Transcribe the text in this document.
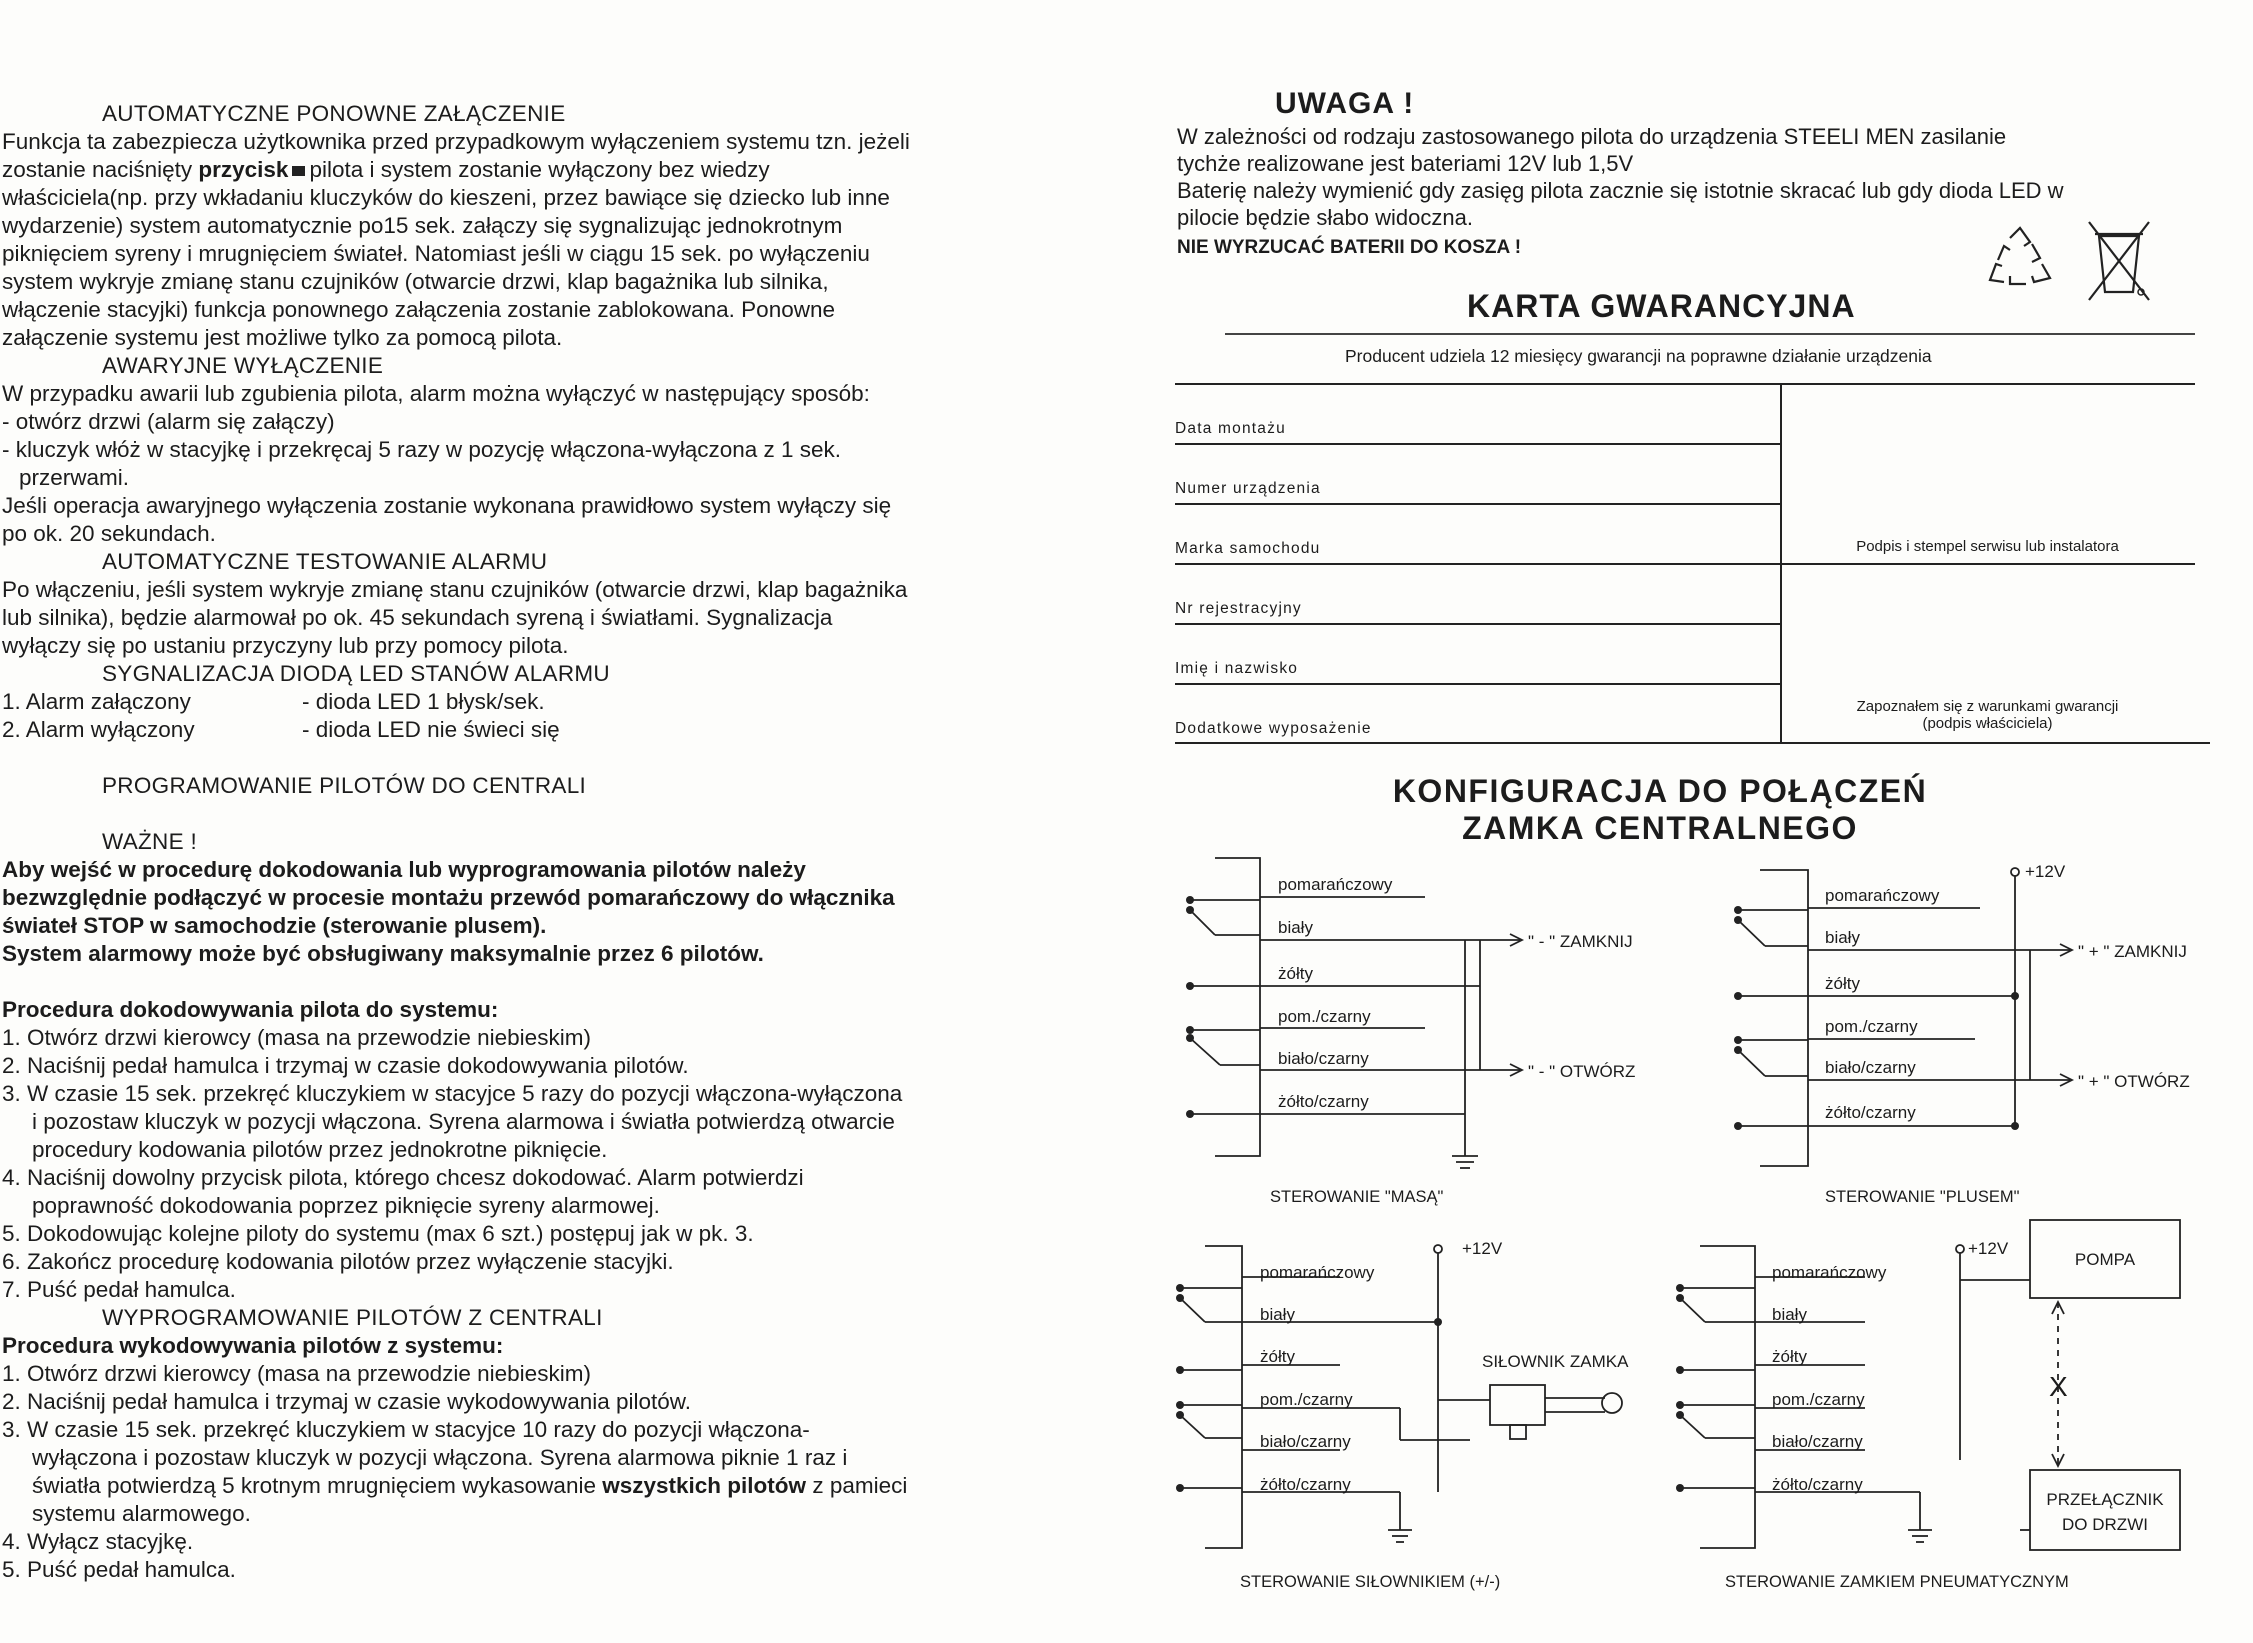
AUTOMATYCZNE PONOWNE ZAŁĄCZENIE
Funkcja ta zabezpiecza użytkownika przed przypadkowym wyłączeniem systemu tzn. jeżeli
zostanie naciśnięty przycisk pilota i system zostanie wyłączony bez wiedzy
właściciela(np. przy wkładaniu kluczyków do kieszeni, przez bawiące się dziecko lub inne
wydarzenie) system automatycznie po15 sek. załączy się sygnalizując jednokrotnym
piknięciem syreny i mrugnięciem świateł. Natomiast jeśli w ciągu 15 sek. po wyłączeniu
system wykryje zmianę stanu czujników (otwarcie drzwi, klap bagażnika lub silnika,
włączenie stacyjki) funkcja ponownego załączenia zostanie zablokowana. Ponowne
załączenie systemu jest możliwe tylko za pomocą pilota.
AWARYJNE WYŁĄCZENIE
W przypadku awarii lub zgubienia pilota, alarm można wyłączyć w następujący sposób:
- otwórz drzwi (alarm się załączy)
- kluczyk włóż w stacyjkę i przekręcaj 5 razy w pozycję włączona-wyłączona z 1 sek.
przerwami.
Jeśli operacja awaryjnego wyłączenia zostanie wykonana prawidłowo system wyłączy się
po ok. 20 sekundach.
AUTOMATYCZNE TESTOWANIE ALARMU
Po włączeniu, jeśli system wykryje zmianę stanu czujników (otwarcie drzwi, klap bagażnika
lub silnika), będzie alarmował po ok. 45 sekundach syreną i światłami. Sygnalizacja
wyłączy się po ustaniu przyczyny lub przy pomocy pilota.
SYGNALIZACJA DIODĄ LED STANÓW ALARMU
1. Alarm załączony	- dioda LED 1 błysk/sek.
2. Alarm wyłączony	- dioda LED nie świeci się
PROGRAMOWANIE PILOTÓW DO CENTRALI
WAŻNE !
Aby wejść w procedurę dokodowania lub wyprogramowania pilotów należy
bezwzględnie podłączyć w procesie montażu przewód pomarańczowy do włącznika
świateł STOP w samochodzie (sterowanie plusem).
System alarmowy może być obsługiwany maksymalnie przez 6 pilotów.
Procedura dokodowywania pilota do systemu:
1. Otwórz drzwi kierowcy (masa na przewodzie niebieskim)
2. Naciśnij pedał hamulca i trzymaj w czasie dokodowywania pilotów.
3. W czasie 15 sek. przekręć kluczykiem w stacyjce 5 razy do pozycji włączona-wyłączona
i pozostaw kluczyk w pozycji włączona. Syrena alarmowa i światła potwierdzą otwarcie
procedury kodowania pilotów przez jednokrotne piknięcie.
4. Naciśnij dowolny przycisk pilota, którego chcesz dokodować. Alarm potwierdzi
poprawność dokodowania poprzez piknięcie syreny alarmowej.
5. Dokodowując kolejne piloty do systemu (max 6 szt.) postępuj jak w pk. 3.
6. Zakończ procedurę kodowania pilotów przez wyłączenie stacyjki.
7. Puść pedał hamulca.
WYPROGRAMOWANIE PILOTÓW Z CENTRALI
Procedura wykodowywania pilotów z systemu:
1. Otwórz drzwi kierowcy (masa na przewodzie niebieskim)
2. Naciśnij pedał hamulca i trzymaj w czasie wykodowywania pilotów.
3. W czasie 15 sek. przekręć kluczykiem w stacyjce 10 razy do pozycji włączona-
wyłączona i pozostaw kluczyk w pozycji włączona. Syrena alarmowa piknie 1 raz i
światła potwierdzą 5 krotnym mrugnięciem wykasowanie wszystkich pilotów z pamieci
systemu alarmowego.
4. Wyłącz stacyjkę.
5. Puść pedał hamulca.
UWAGA !
W zależności od rodzaju zastosowanego pilota do urządzenia STEELI MEN zasilanie
tychże realizowane jest bateriami 12V lub 1,5V
Baterię należy wymienić gdy zasięg pilota zacznie się istotnie skracać lub gdy dioda LED w
pilocie będzie słabo widoczna.
NIE WYRZUCAĆ BATERII DO KOSZA !
KARTA GWARANCYJNA
Producent udziela 12 miesięcy gwarancji na poprawne działanie urządzenia
Data montażu
Numer urządzenia
Marka samochodu
Nr rejestracyjny
Imię i nazwisko
Dodatkowe wyposażenie
Podpis i stempel serwisu lub instalatora
Zapoznałem się z warunkami gwarancji
(podpis właściciela)
KONFIGURACJA DO POŁĄCZEŃ
ZAMKA CENTRALNEGO
pomarańczowy
biały
żółty
pom./czarny
biało/czarny
żółto/czarny
" - " ZAMKNIJ
" - " OTWÓRZ
STEROWANIE "MASĄ"
pomarańczowy
biały
żółty
pom./czarny
biało/czarny
żółto/czarny
+12V
" + " ZAMKNIJ
" + " OTWÓRZ
STEROWANIE "PLUSEM"
pomarańczowy
biały
żółty
pom./czarny
biało/czarny
żółto/czarny
+12V
SIŁOWNIK ZAMKA
STEROWANIE SIŁOWNIKIEM (+/-)
pomarańczowy
biały
żółty
pom./czarny
biało/czarny
żółto/czarny
+12V
POMPA
PRZEŁĄCZNIK
DO DRZWI
X
STEROWANIE ZAMKIEM PNEUMATYCZNYM
